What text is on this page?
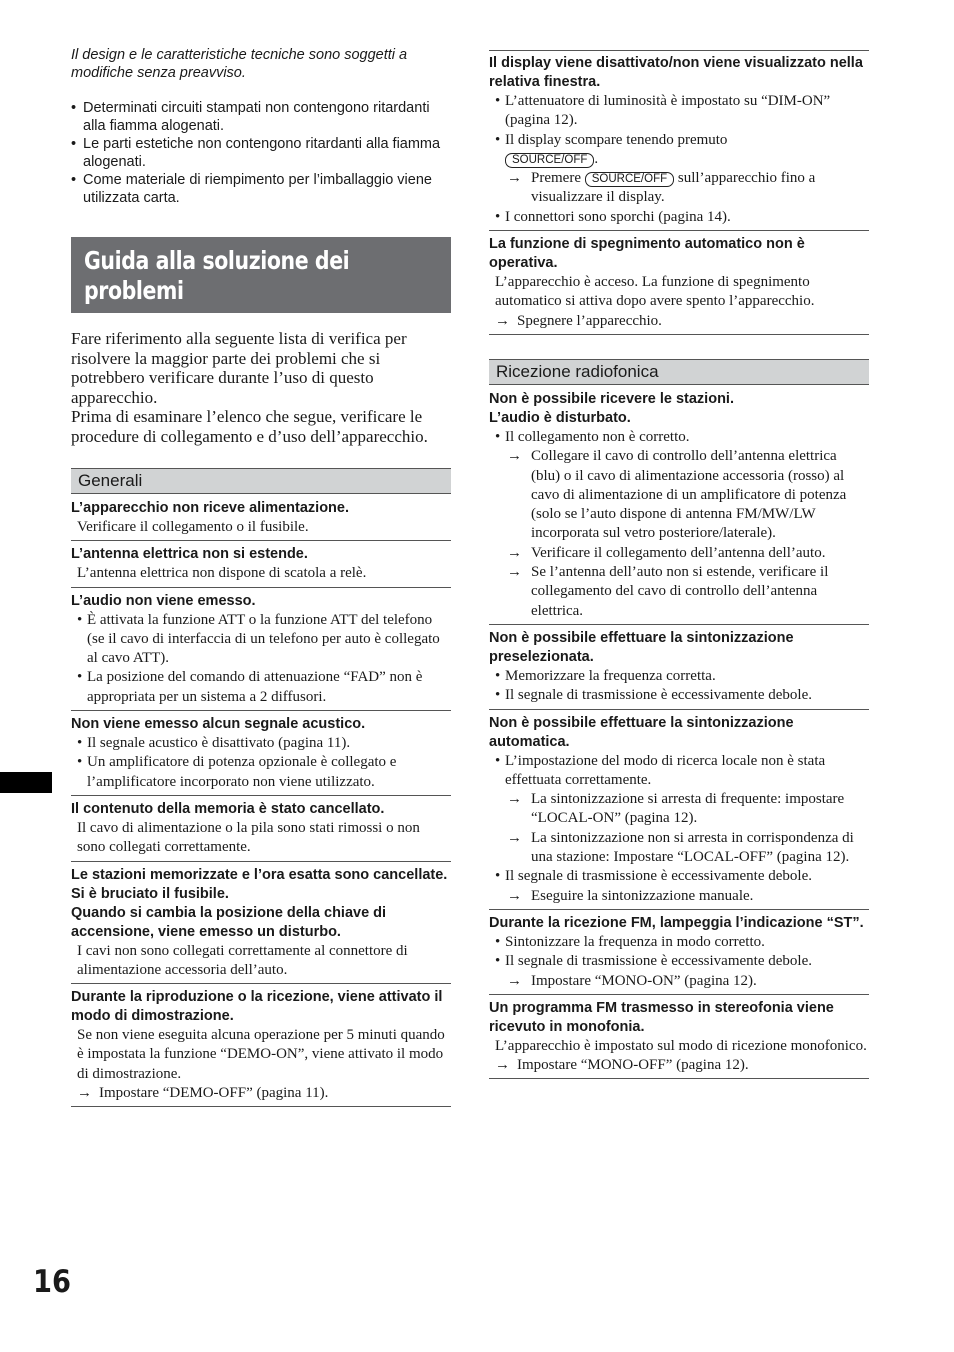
Il design e le caratteristiche tecniche sono soggetti a modifiche senza preavviso.

• Determinati circuiti stampati non contengono ritardanti alla fiamma alogenati.
• Le parti estetiche non contengono ritardanti alla fiamma alogenati.
• Come materiale di riempimento per l’imballaggio viene utilizzata carta.
Guida alla soluzione dei
problemi

Fare riferimento alla seguente lista di verifica per risolvere la maggior parte dei problemi che si potrebbero verificare durante l’uso di questo apparecchio.
Prima di esaminare l’elenco che segue, verificare le procedure di collegamento e d’uso dell’apparecchio.

Generali
L’apparecchio non riceve alimentazione.
Verificare il collegamento o il fusibile.
L’antenna elettrica non si estende.
L’antenna elettrica non dispone di scatola a relè.
L’audio non viene emesso.
• È attivata la funzione ATT o la funzione ATT del telefono (se il cavo di interfaccia di un telefono per auto è collegato al cavo ATT).
• La posizione del comando di attenuazione “FAD” non è appropriata per un sistema a 2 diffusori.
Non viene emesso alcun segnale acustico.
• Il segnale acustico è disattivato (pagina 11).
• Un amplificatore di potenza opzionale è collegato e l’amplificatore incorporato non viene utilizzato.
Il contenuto della memoria è stato cancellato.
Il cavo di alimentazione o la pila sono stati rimossi o non sono collegati correttamente.
Le stazioni memorizzate e l’ora esatta sono cancellate.
Si è bruciato il fusibile.
Quando si cambia la posizione della chiave di accensione, viene emesso un disturbo.
I cavi non sono collegati correttamente al connettore di alimentazione accessoria dell’auto.
Durante la riproduzione o la ricezione, viene attivato il modo di dimostrazione.
Se non viene eseguita alcuna operazione per 5 minuti quando è impostata la funzione “DEMO-ON”, viene attivato il modo di dimostrazione.
→ Impostare “DEMO-OFF” (pagina 11).
Il display viene disattivato/non viene visualizzato nella relativa finestra.
• L’attenuatore di luminosità è impostato su “DIM-ON” (pagina 12).
• Il display scompare tenendo premuto
SOURCE/OFF .
→ Premere SOURCE/OFF sull’apparecchio fino a visualizzare il display.
• I connettori sono sporchi (pagina 14).
La funzione di spegnimento automatico non è operativa.
L’apparecchio è acceso. La funzione di spegnimento automatico si attiva dopo avere spento l’apparecchio.
→ Spegnere l’apparecchio.
Ricezione radiofonica
Non è possibile ricevere le stazioni.
L’audio è disturbato.
• Il collegamento non è corretto.
→ Collegare il cavo di controllo dell’antenna elettrica (blu) o il cavo di alimentazione accessoria (rosso) al cavo di alimentazione di un amplificatore di potenza (solo se l’auto dispone di antenna FM/MW/LW incorporata sul vetro posteriore/laterale).
→ Verificare il collegamento dell’antenna dell’auto.
→ Se l’antenna dell’auto non si estende, verificare il collegamento del cavo di controllo dell’antenna elettrica.
Non è possibile effettuare la sintonizzazione preselezionata.
• Memorizzare la frequenza corretta.
• Il segnale di trasmissione è eccessivamente debole.
Non è possibile effettuare la sintonizzazione automatica.
• L’impostazione del modo di ricerca locale non è stata effettuata correttamente.
→ La sintonizzazione si arresta di frequente: impostare “LOCAL-ON” (pagina 12).
→ La sintonizzazione non si arresta in corrispondenza di una stazione: Impostare “LOCAL-OFF” (pagina 12).
• Il segnale di trasmissione è eccessivamente debole.
→ Eseguire la sintonizzazione manuale.
Durante la ricezione FM, lampeggia l’indicazione “ST”.
• Sintonizzare la frequenza in modo corretto.
• Il segnale di trasmissione è eccessivamente debole.
→ Impostare “MONO-ON” (pagina 12).
Un programma FM trasmesso in stereofonia viene ricevuto in monofonia.
L’apparecchio è impostato sul modo di ricezione monofonico.
→ Impostare “MONO-OFF” (pagina 12).
16
